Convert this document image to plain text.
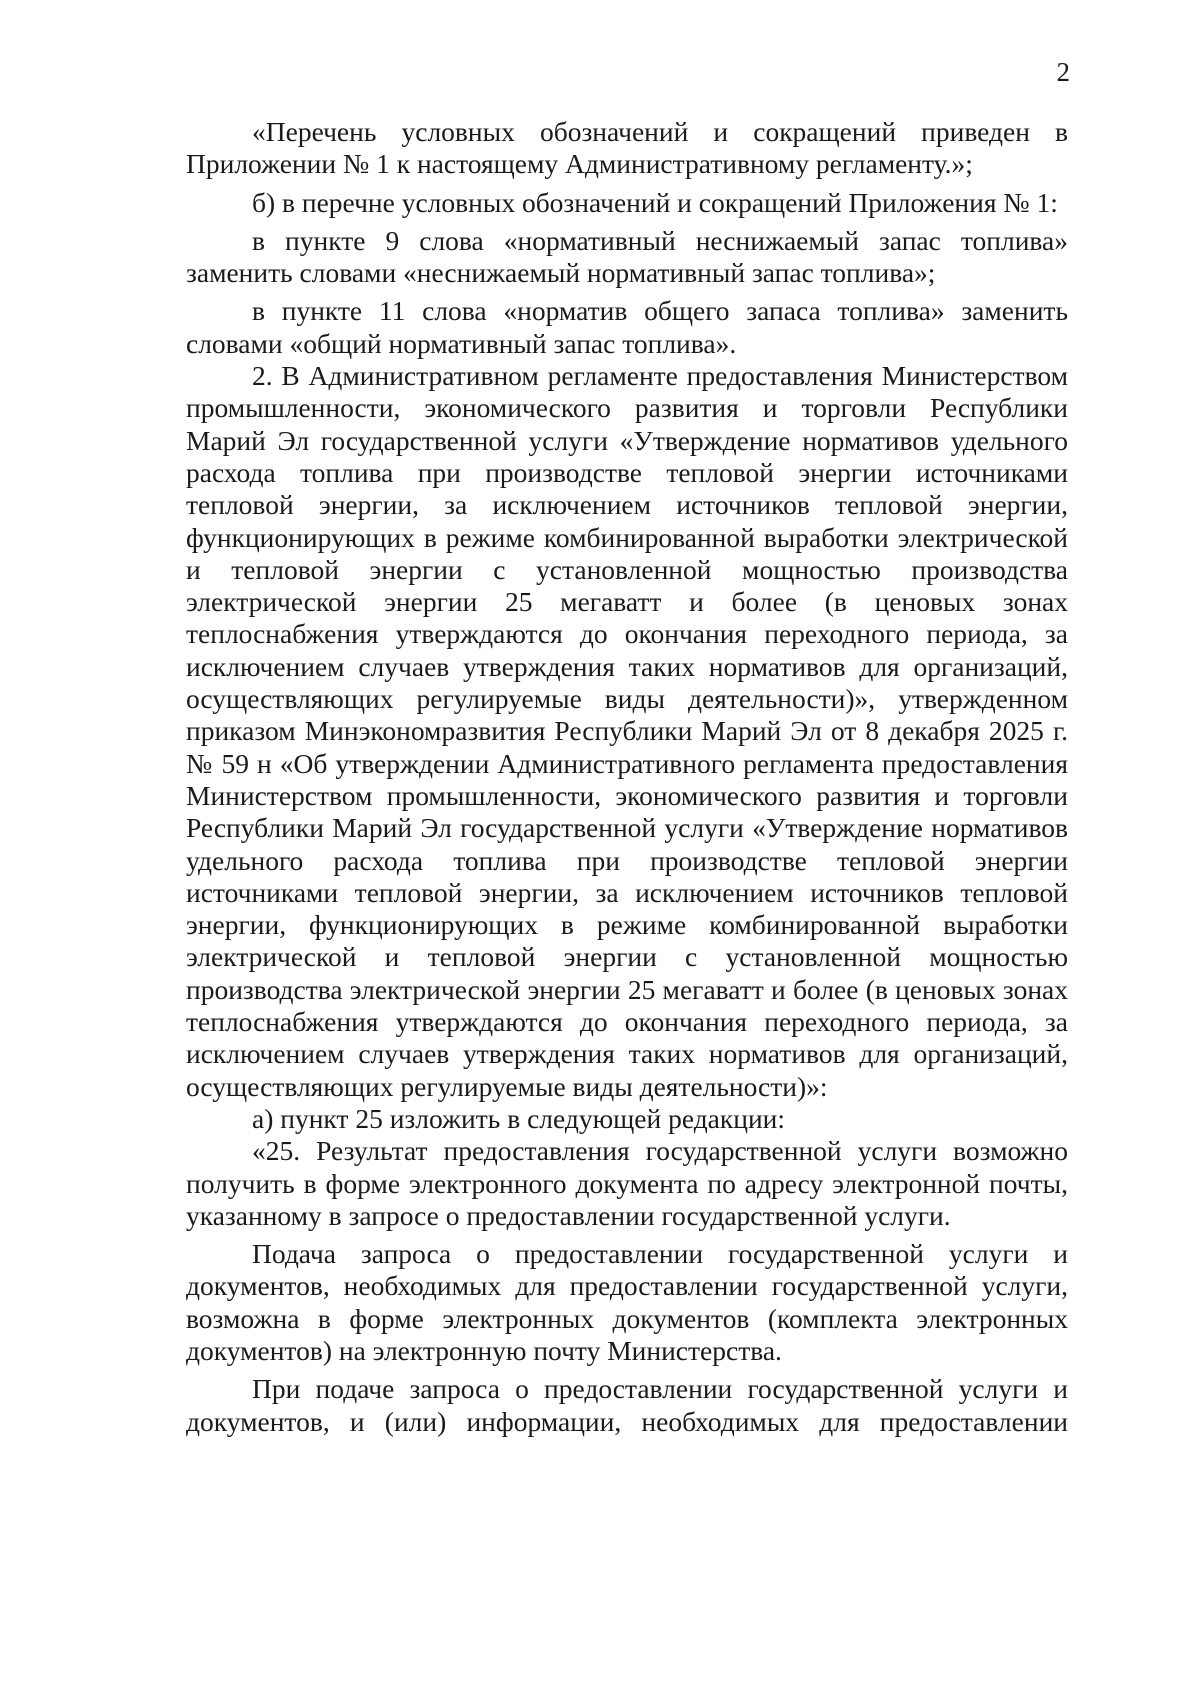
2

«Перечень условных обозначений и сокращений приведен в Приложении № 1 к настоящему Административному регламенту.»;

б) в перечне условных обозначений и сокращений Приложения № 1:

в пункте 9 слова «нормативный неснижаемый запас топлива» заменить словами «неснижаемый нормативный запас топлива»;

в пункте 11 слова «норматив общего запаса топлива» заменить словами «общий нормативный запас топлива».

2. В Административном регламенте предоставления Министерством промышленности, экономического развития и торговли Республики Марий Эл государственной услуги «Утверждение нормативов удельного расхода топлива при производстве тепловой энергии источниками тепловой энергии, за исключением источников тепловой энергии, функционирующих в режиме комбинированной выработки электрической и тепловой энергии с установленной мощностью производства электрической энергии 25 мегаватт и более (в ценовых зонах теплоснабжения утверждаются до окончания переходного периода, за исключением случаев утверждения таких нормативов для организаций, осуществляющих регулируемые виды деятельности)», утвержденном приказом Минэкономразвития Республики Марий Эл от 8 декабря 2025 г. № 59 н «Об утверждении Административного регламента предоставления Министерством промышленности, экономического развития и торговли Республики Марий Эл государственной услуги «Утверждение нормативов удельного расхода топлива при производстве тепловой энергии источниками тепловой энергии, за исключением источников тепловой энергии, функционирующих в режиме комбинированной выработки электрической и тепловой энергии с установленной мощностью производства электрической энергии 25 мегаватт и более (в ценовых зонах теплоснабжения утверждаются до окончания переходного периода, за исключением случаев утверждения таких нормативов для организаций, осуществляющих регулируемые виды деятельности)»:

а) пункт 25 изложить в следующей редакции:

«25. Результат предоставления государственной услуги возможно получить в форме электронного документа по адресу электронной почты, указанному в запросе о предоставлении государственной услуги.

Подача запроса о предоставлении государственной услуги и документов, необходимых для предоставлении государственной услуги, возможна в форме электронных документов (комплекта электронных документов) на электронную почту Министерства.

При подаче запроса о предоставлении государственной услуги и документов, и (или) информации, необходимых для предоставлении
